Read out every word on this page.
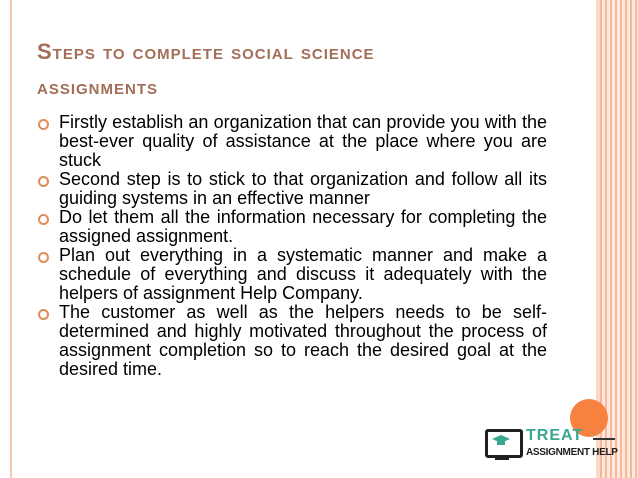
Steps to complete social science
assignments
Firstly establish an organization that can provide you with the best-ever quality of assistance at the place where you are stuck
Second step is to stick to that organization and follow all its guiding systems in an effective manner
Do let them all the information necessary for completing the assigned assignment.
Plan out everything in a systematic manner and make a schedule of everything and discuss it adequately with the helpers of assignment Help Company.
The customer as well as the helpers needs to be self-determined and highly motivated throughout the process of assignment completion so to reach the desired goal at the desired time.
TREAT
ASSIGNMENT HELP
